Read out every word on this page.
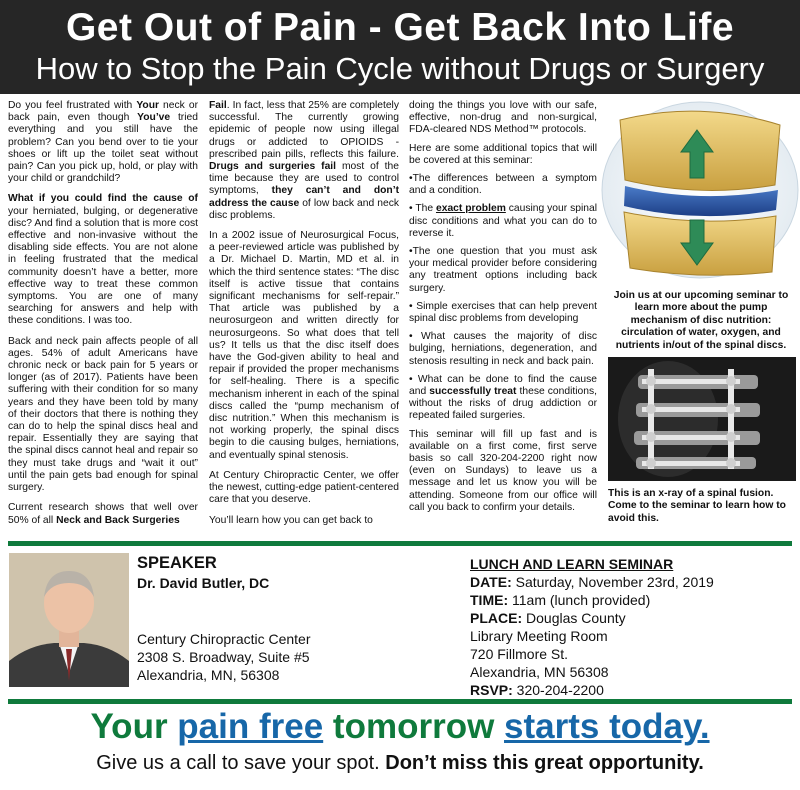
Get Out of Pain - Get Back Into Life
How to Stop the Pain Cycle without Drugs or Surgery

Do you feel frustrated with Your neck or back pain, even though You’ve tried everything and you still have the problem? Can you bend over to tie your shoes or lift up the toilet seat without pain? Can you pick up, hold, or play with your child or grandchild?

What if you could find the cause of your herniated, bulging, or degenerative disc? And find a solution that is more cost effective and non-invasive without the disabling side effects. You are not alone in feeling frustrated that the medical community doesn’t have a better, more effective way to treat these common symptoms. You are one of many searching for answers and help with these conditions. I was too.

Back and neck pain affects people of all ages. 54% of adult Americans have chronic neck or back pain for 5 years or longer (as of 2017). Patients have been suffering with their condition for so many years and they have been told by many of their doctors that there is nothing they can do to help the spinal discs heal and repair. Essentially they are saying that the spinal discs cannot heal and repair so they must take drugs and “wait it out” until the pain gets bad enough for spinal surgery.

Current research shows that well over 50% of all Neck and Back Surgeries

Fail. In fact, less that 25% are completely successful. The currently growing epidemic of people now using illegal drugs or addicted to OPIOIDS - prescribed pain pills, reflects this failure. Drugs and surgeries fail most of the time because they are used to control symptoms, they can’t and don’t address the cause of low back and neck disc problems.

In a 2002 issue of Neurosurgical Focus, a peer-reviewed article was published by a Dr. Michael D. Martin, MD et al. in which the third sentence states: “The disc itself is active tissue that contains significant mechanisms for self-repair.” That article was published by a neurosurgeon and written directly for neurosurgeons. So what does that tell us? It tells us that the disc itself does have the God-given ability to heal and repair if provided the proper mechanisms for self-healing. There is a specific mechanism inherent in each of the spinal discs called the “pump mechanism of disc nutrition.” When this mechanism is not working properly, the spinal discs begin to die causing bulges, herniations, and eventually spinal stenosis.

At Century Chiropractic Center, we offer the newest, cutting-edge patient-centered care that you deserve.

You’ll learn how you can get back to

doing the things you love with our safe, effective, non-drug and non-surgical, FDA-cleared NDS Method™ protocols.

Here are some additional topics that will be covered at this seminar:

•The differences between a symptom and a condition.

• The exact problem causing your spinal disc conditions and what you can do to reverse it.

•The one question that you must ask your medical provider before considering any treatment options including back surgery.

• Simple exercises that can help prevent spinal disc problems from developing

• What causes the majority of disc bulging, herniations, degeneration, and stenosis resulting in neck and back pain.

• What can be done to find the cause and successfully treat these conditions, without the risks of drug addiction or repeated failed surgeries.

This seminar will fill up fast and is available on a first come, first serve basis so call 320-204-2200 right now (even on Sundays) to leave us a message and let us know you will be attending. Someone from our office will call you back to confirm your details.

Join us at our upcoming seminar to learn more about the pump mechanism of disc nutrition: circulation of water, oxygen, and nutrients in/out of the spinal discs.
This is an x-ray of a spinal fusion. Come to the seminar to learn how to avoid this.
SPEAKER
Dr. David Butler, DC
Century Chiropractic Center
2308 S. Broadway, Suite #5
Alexandria, MN, 56308
LUNCH AND LEARN SEMINAR
DATE: Saturday, November 23rd, 2019
TIME: 11am (lunch provided)
PLACE: Douglas County
Library Meeting Room
720 Fillmore St.
Alexandria, MN 56308
RSVP: 320-204-2200
Your pain free tomorrow starts today.
Give us a call to save your spot. Don’t miss this great opportunity.
